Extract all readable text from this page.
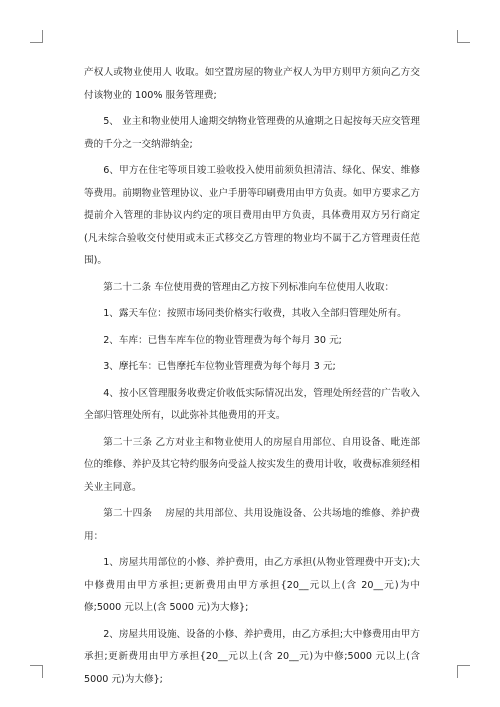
产权人或物业使用人 收取。如空置房屋的物业产权人为甲方则甲方须向乙方交付该物业的 100% 服务管理费;

5、 业主和物业使用人逾期交纳物业管理费的从逾期之日起按每天应交管理费的千分之一交纳滞纳金;

6、甲方在住宅等项目竣工验收投入使用前须负担清洁、绿化、保安、维修等费用。前期物业管理协议、业户手册等印刷费用由甲方负责。如甲方要求乙方提前介入管理的非协议内约定的项目费用由甲方负责，具体费用双方另行商定(凡未综合验收交付使用或未正式移交乙方管理的物业均不属于乙方管理责任范围)。

第二十二条 车位使用费的管理由乙方按下列标准向车位使用人收取：

1、露天车位：按照市场同类价格实行收费，其收入全部归管理处所有。

2、车库：已售车库车位的物业管理费为每个每月 30 元;

3、摩托车：已售摩托车位物业管理费为每个每月 3 元;

4、按小区管理服务收费定价收低实际情况出发，管理处所经营的广告收入全部归管理处所有，以此弥补其他费用的开支。

第二十三条 乙方对业主和物业使用人的房屋自用部位、自用设备、毗连部位的维修、养护及其它特约服务向受益人按实发生的费用计收，收费标准须经相关业主同意。

第二十四条　 房屋的共用部位、共用设施设备、公共场地的维修、养护费用：

1、房屋共用部位的小修、养护费用，由乙方承担(从物业管理费中开支);大中修费用由甲方承担;更新费用由甲方承担{20__元以上(含 20__元)为中修;5000 元以上(含 5000 元)为大修};

2、房屋共用设施、设备的小修、养护费用，由乙方承担;大中修费用由甲方承担;更新费用由甲方承担{20__元以上(含 20__元)为中修;5000 元以上(含 5000 元)为大修};
